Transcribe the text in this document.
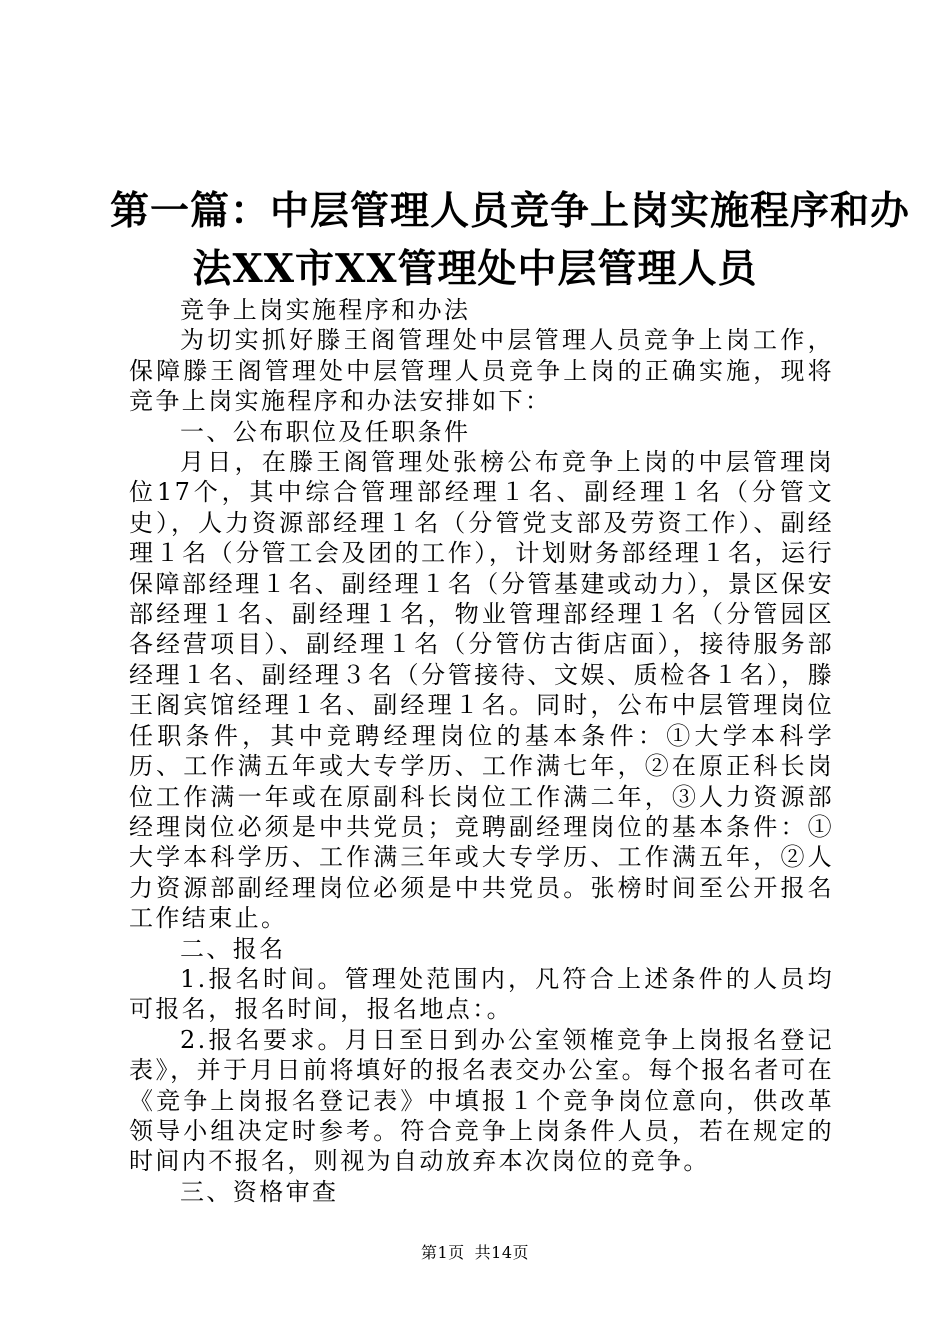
第一篇：中层管理人员竞争上岗实施程序和办
法XX市XX管理处中层管理人员

竞争上岗实施程序和办法

为切实抓好滕王阁管理处中层管理人员竞争上岗工作，保障滕王阁管理处中层管理人员竞争上岗的正确实施，现将竞争上岗实施程序和办法安排如下：

一、公布职位及任职条件

月日，在滕王阁管理处张榜公布竞争上岗的中层管理岗位17个，其中综合管理部经理１名、副经理１名（分管文史），人力资源部经理１名（分管党支部及劳资工作）、副经理１名（分管工会及团的工作），计划财务部经理１名，运行保障部经理１名、副经理１名（分管基建或动力），景区保安部经理１名、副经理１名，物业管理部经理１名（分管园区各经营项目）、副经理１名（分管仿古街店面），接待服务部经理１名、副经理３名（分管接待、文娱、质检各１名），滕王阁宾馆经理１名、副经理１名。同时，公布中层管理岗位任职条件，其中竞聘经理岗位的基本条件：①大学本科学历、工作满五年或大专学历、工作满七年，②在原正科长岗位工作满一年或在原副科长岗位工作满二年，③人力资源部经理岗位必须是中共党员；竞聘副经理岗位的基本条件：①大学本科学历、工作满三年或大专学历、工作满五年，②人力资源部副经理岗位必须是中共党员。张榜时间至公开报名工作结束止。

二、报名

1.报名时间。管理处范围内，凡符合上述条件的人员均可报名，报名时间，报名地点：。

2.报名要求。月日至日到办公室领榷竞争上岗报名登记表》，并于月日前将填好的报名表交办公室。每个报名者可在《竞争上岗报名登记表》中填报１个竞争岗位意向，供改革领导小组决定时参考。符合竞争上岗条件人员，若在规定的时间内不报名，则视为自动放弃本次岗位的竞争。

三、资格审查

第1页 共14页
